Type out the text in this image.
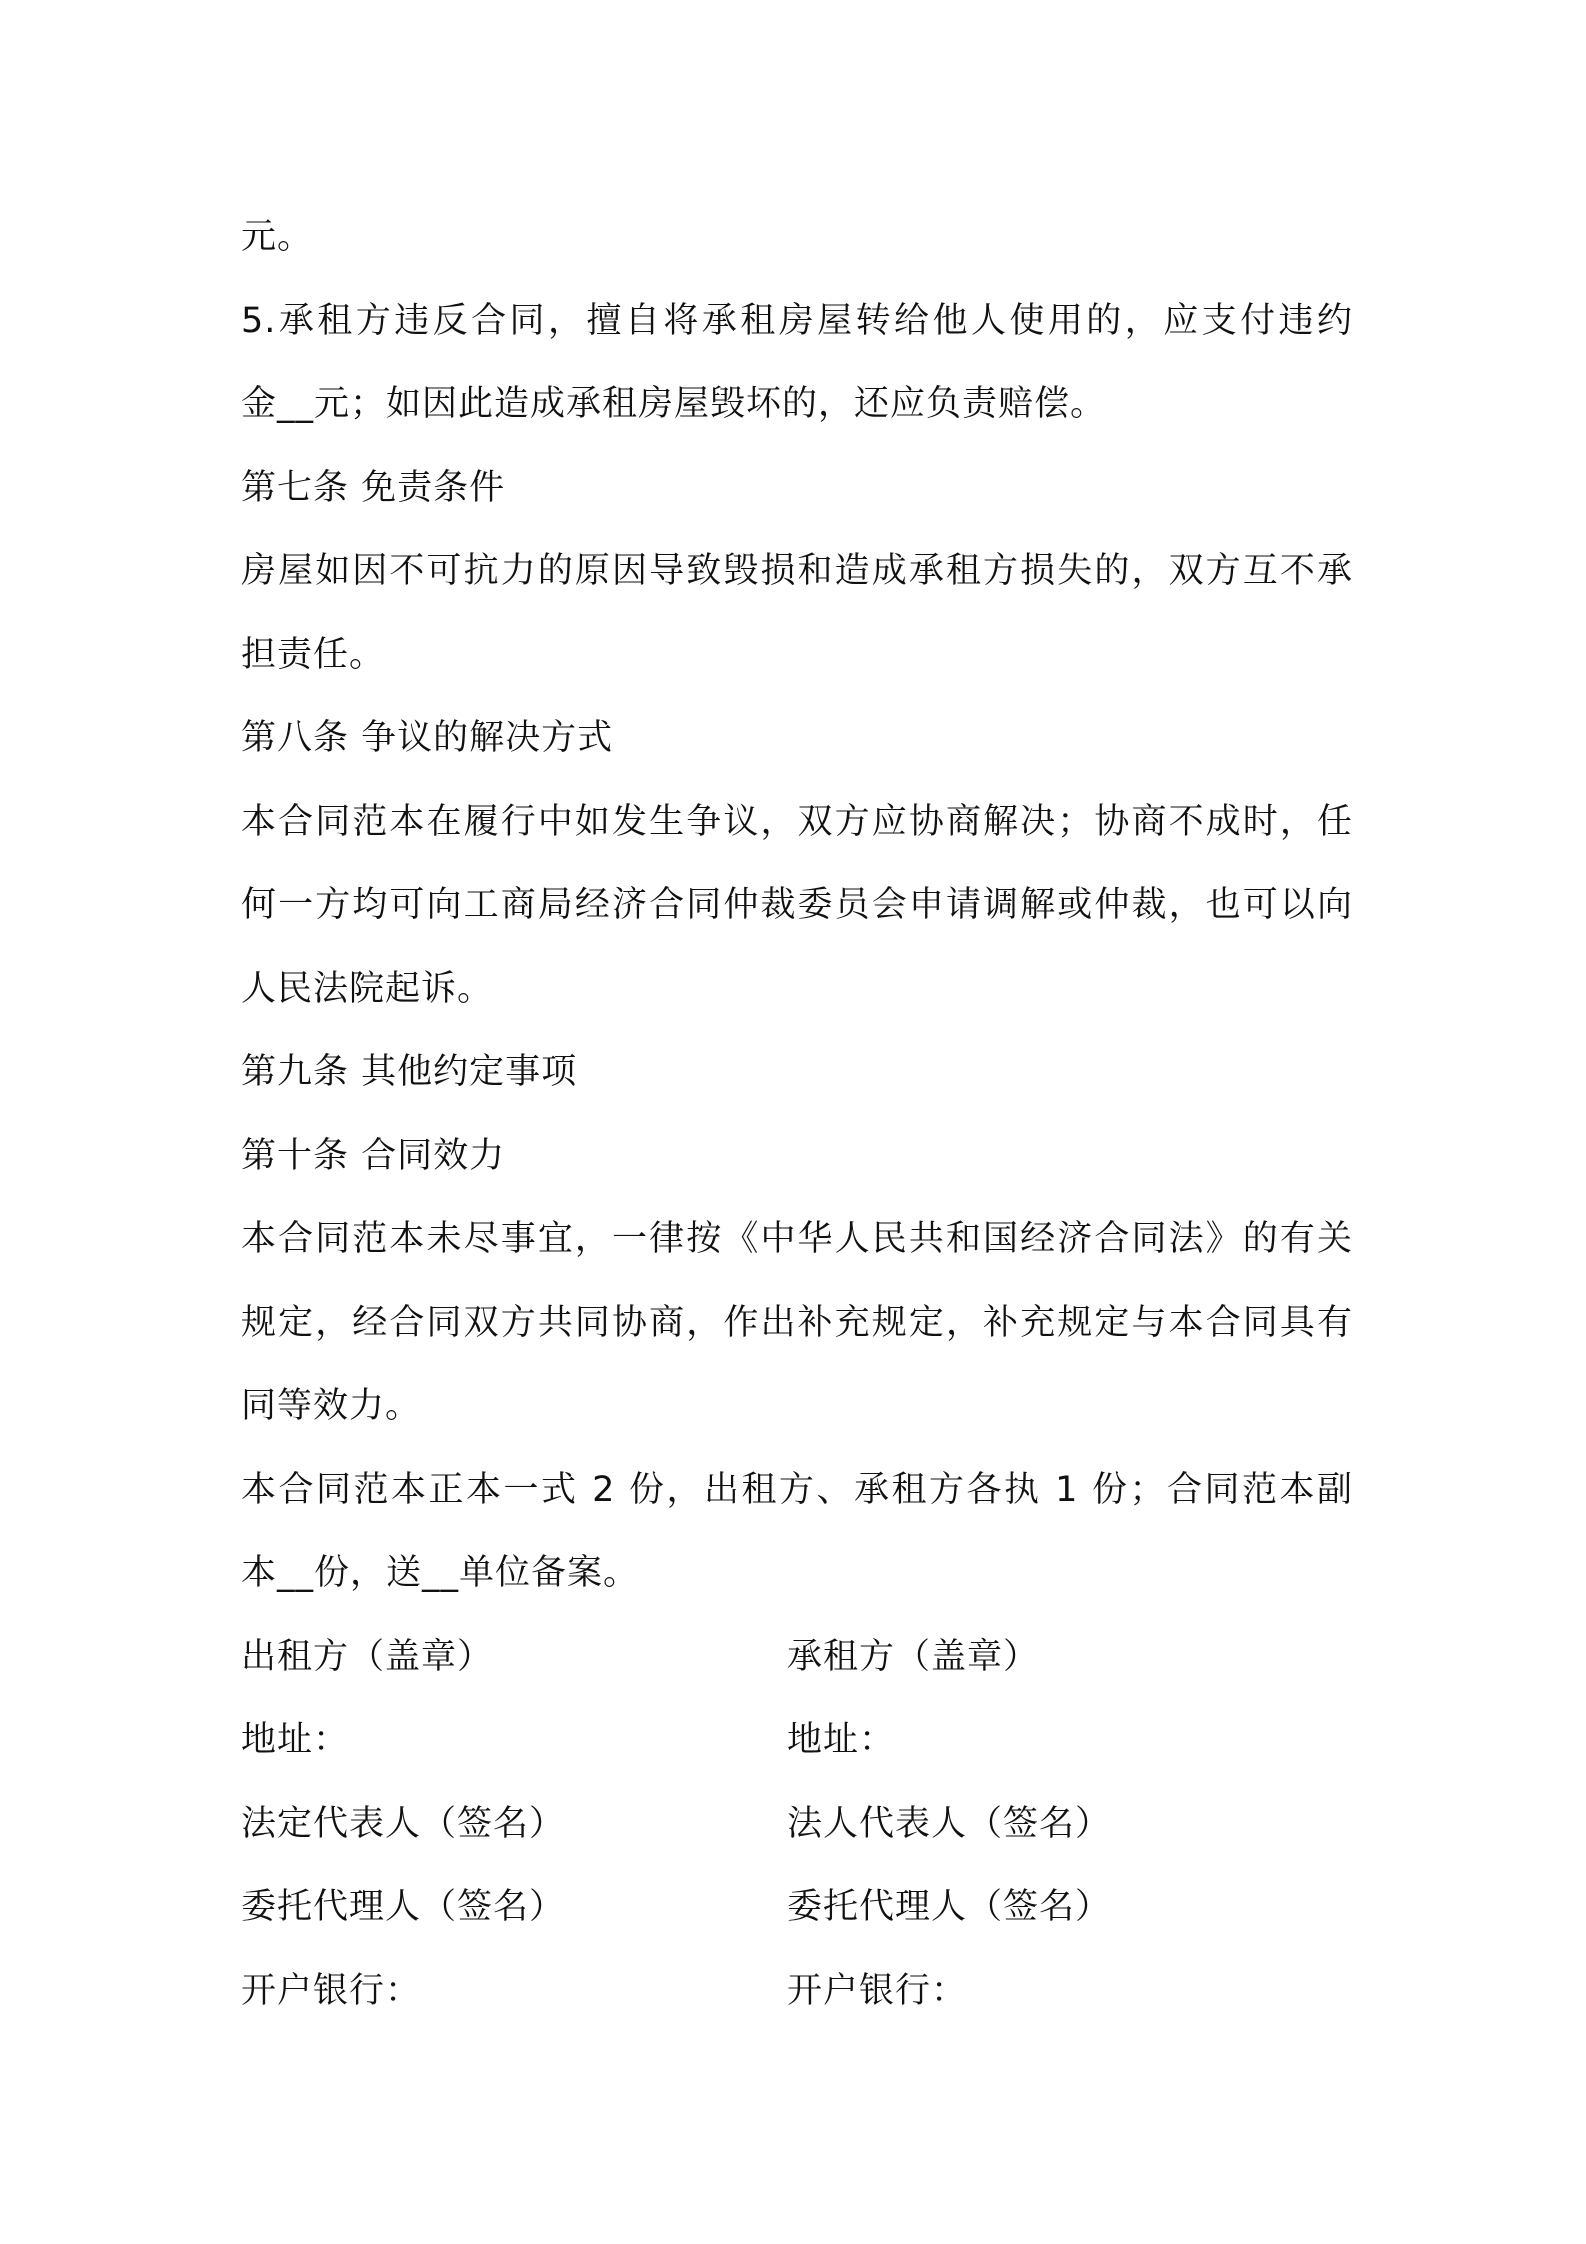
元。
5.承租方违反合同，擅自将承租房屋转给他人使用的，应支付违约
金__元；如因此造成承租房屋毁坏的，还应负责赔偿。
第七条 免责条件
房屋如因不可抗力的原因导致毁损和造成承租方损失的，双方互不承
担责任。
第八条 争议的解决方式
本合同范本在履行中如发生争议，双方应协商解决；协商不成时，任
何一方均可向工商局经济合同仲裁委员会申请调解或仲裁，也可以向
人民法院起诉。
第九条 其他约定事项
第十条 合同效力
本合同范本未尽事宜，一律按《中华人民共和国经济合同法》的有关
规定，经合同双方共同协商，作出补充规定，补充规定与本合同具有
同等效力。
本合同范本正本一式 2 份，出租方、承租方各执 1 份；合同范本副
本__份，送__单位备案。
出租方（盖章）	承租方（盖章）
地址：	地址：
法定代表人（签名）	法人代表人（签名）
委托代理人（签名）	委托代理人（签名）
开户银行：	开户银行：
